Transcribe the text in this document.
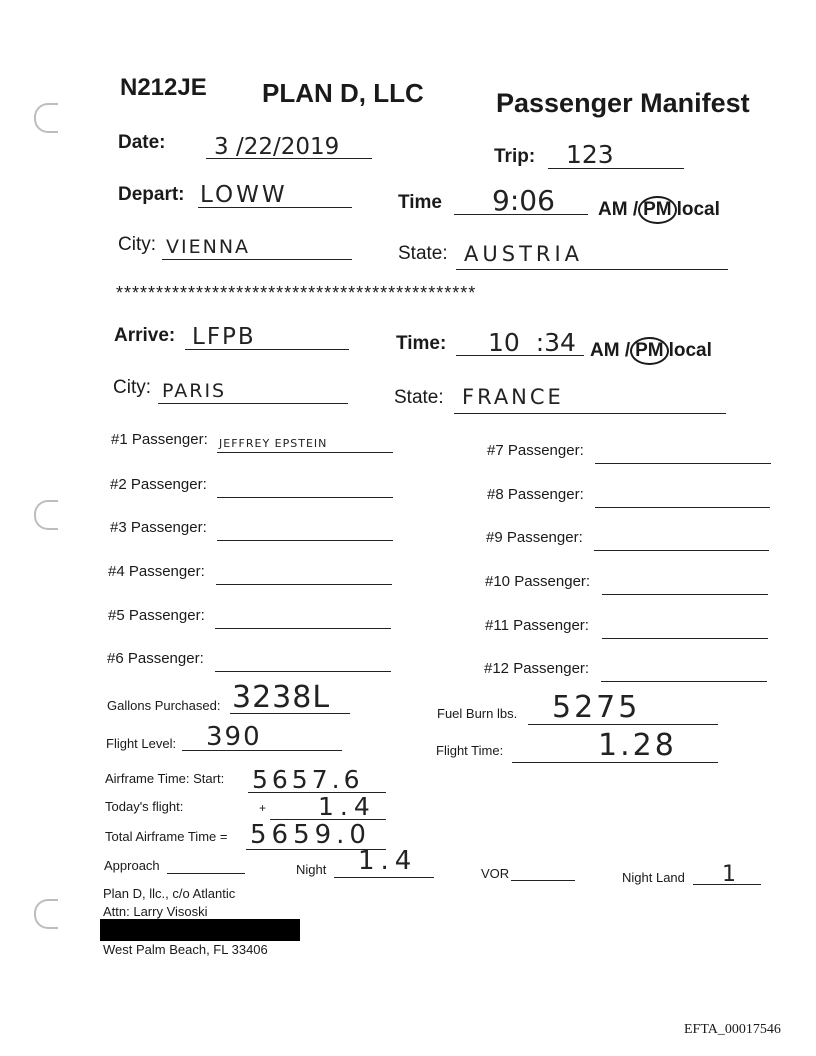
N212JE PLAN D, LLC	Passenger Manifest
Date: 3 /22/2019	Trip: 123
Depart: LOWW	Time 9:06 AM / PM local
City: VIENNA	State: AUSTRIA
*********************************************
Arrive: LFPB	Time: 10  :34 AM / PM local
City: PARIS	State: FRANCE
#1 Passenger: JEFFREY EPSTEIN
#2 Passenger:
#3 Passenger:
#4 Passenger:
#5 Passenger:
#6 Passenger:
#7 Passenger:
#8 Passenger:
#9 Passenger:
#10 Passenger:
#11 Passenger:
#12 Passenger:
Gallons Purchased: 3238L	Fuel Burn lbs. 5275
Flight Level: 390	Flight Time:	1.28
Airframe Time: Start: 5657.6
Today's flight:	+ 1.4
Total Airframe Time = 5659.0
Approach	Night 1.4	VOR	Night Land 1
Plan D, llc., c/o Atlantic
Attn: Larry Visoski
West Palm Beach, FL 33406
EFTA_00017546
